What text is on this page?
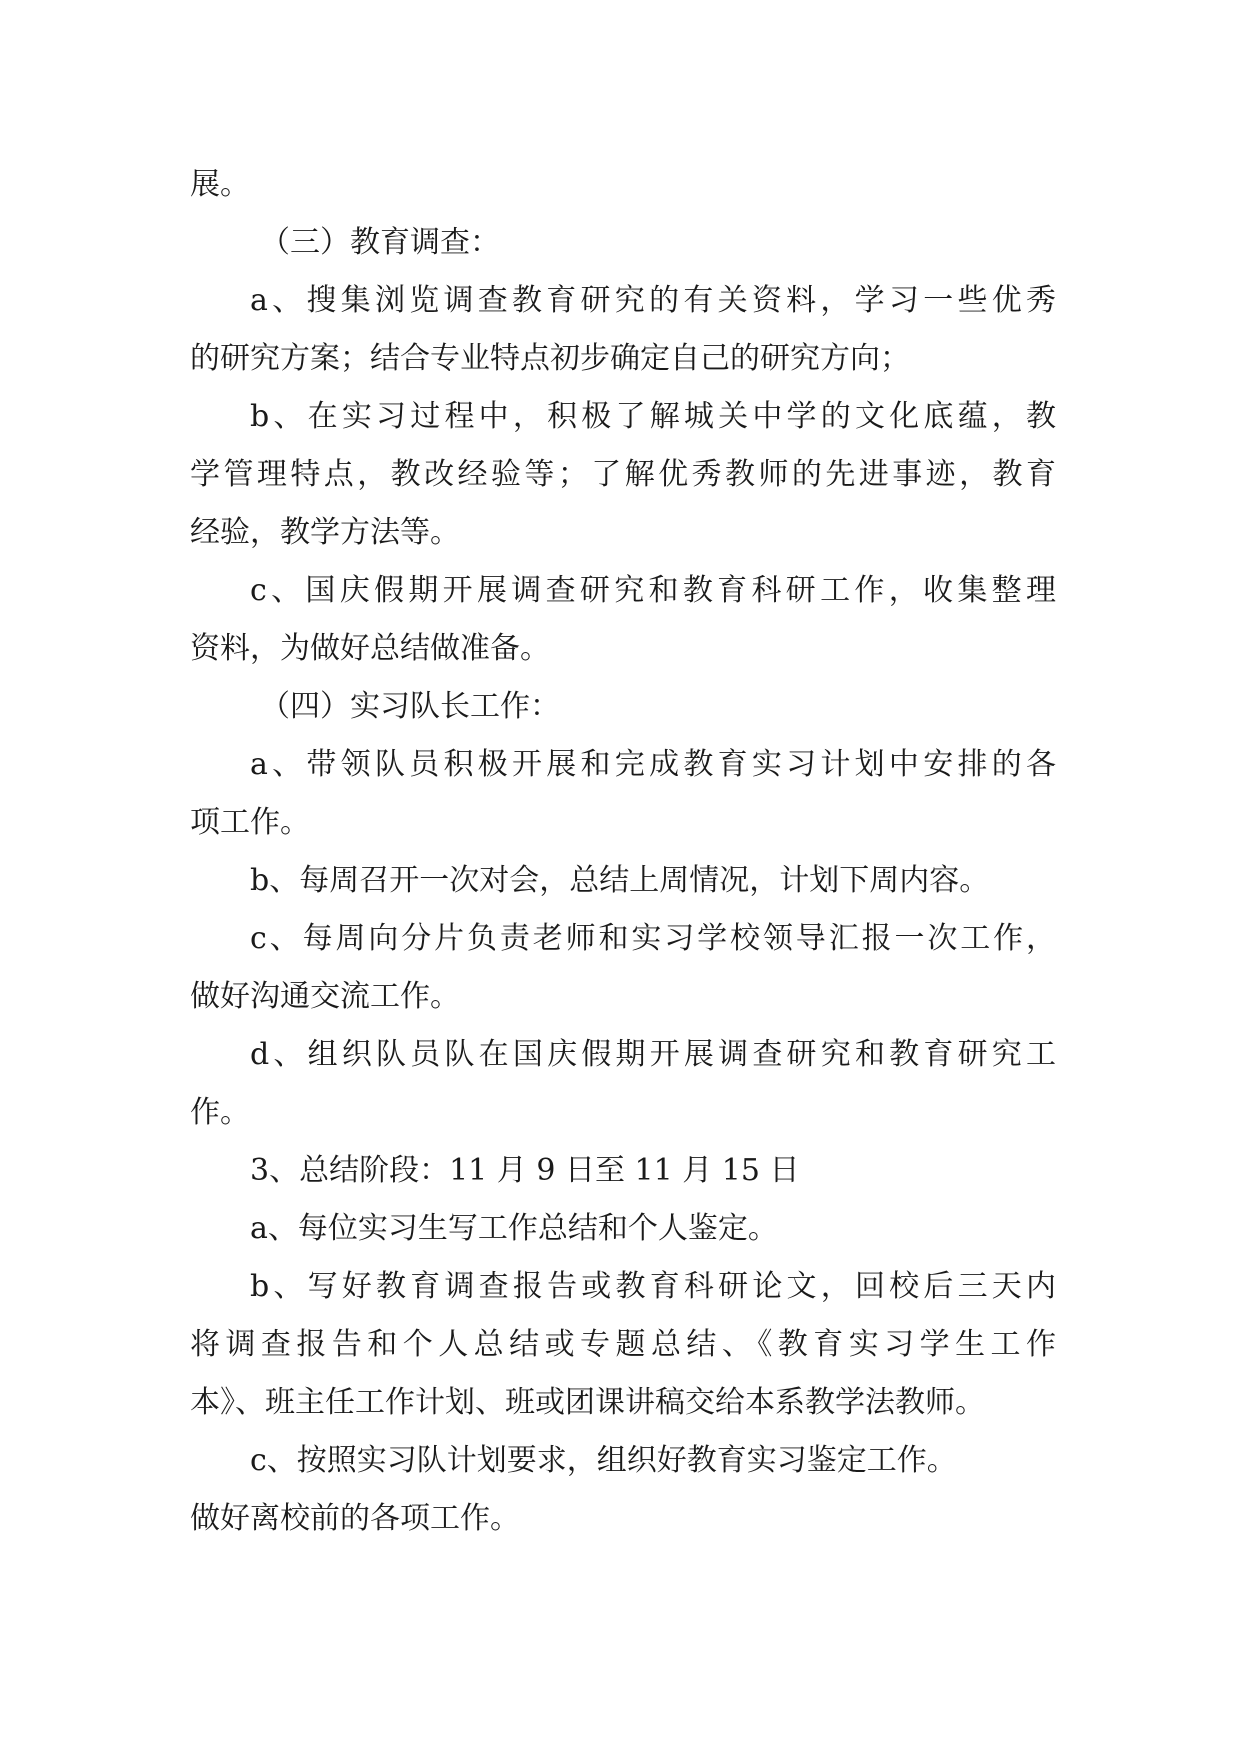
展。
（三）教育调查：
a、搜集浏览调查教育研究的有关资料，学习一些优秀
的研究方案；结合专业特点初步确定自己的研究方向；
b、在实习过程中，积极了解城关中学的文化底蕴，教
学管理特点，教改经验等；了解优秀教师的先进事迹，教育
经验，教学方法等。
c、国庆假期开展调查研究和教育科研工作，收集整理
资料，为做好总结做准备。
（四）实习队长工作：
a、带领队员积极开展和完成教育实习计划中安排的各
项工作。
b、每周召开一次对会，总结上周情况，计划下周内容。
c、每周向分片负责老师和实习学校领导汇报一次工作，
做好沟通交流工作。
d、组织队员队在国庆假期开展调查研究和教育研究工
作。
3、总结阶段：11 月 9 日至 11 月 15 日
a、每位实习生写工作总结和个人鉴定。
b、写好教育调查报告或教育科研论文，回校后三天内
将调查报告和个人总结或专题总结、《教育实习学生工作
本》、班主任工作计划、班或团课讲稿交给本系教学法教师。
c、按照实习队计划要求，组织好教育实习鉴定工作。
做好离校前的各项工作。
